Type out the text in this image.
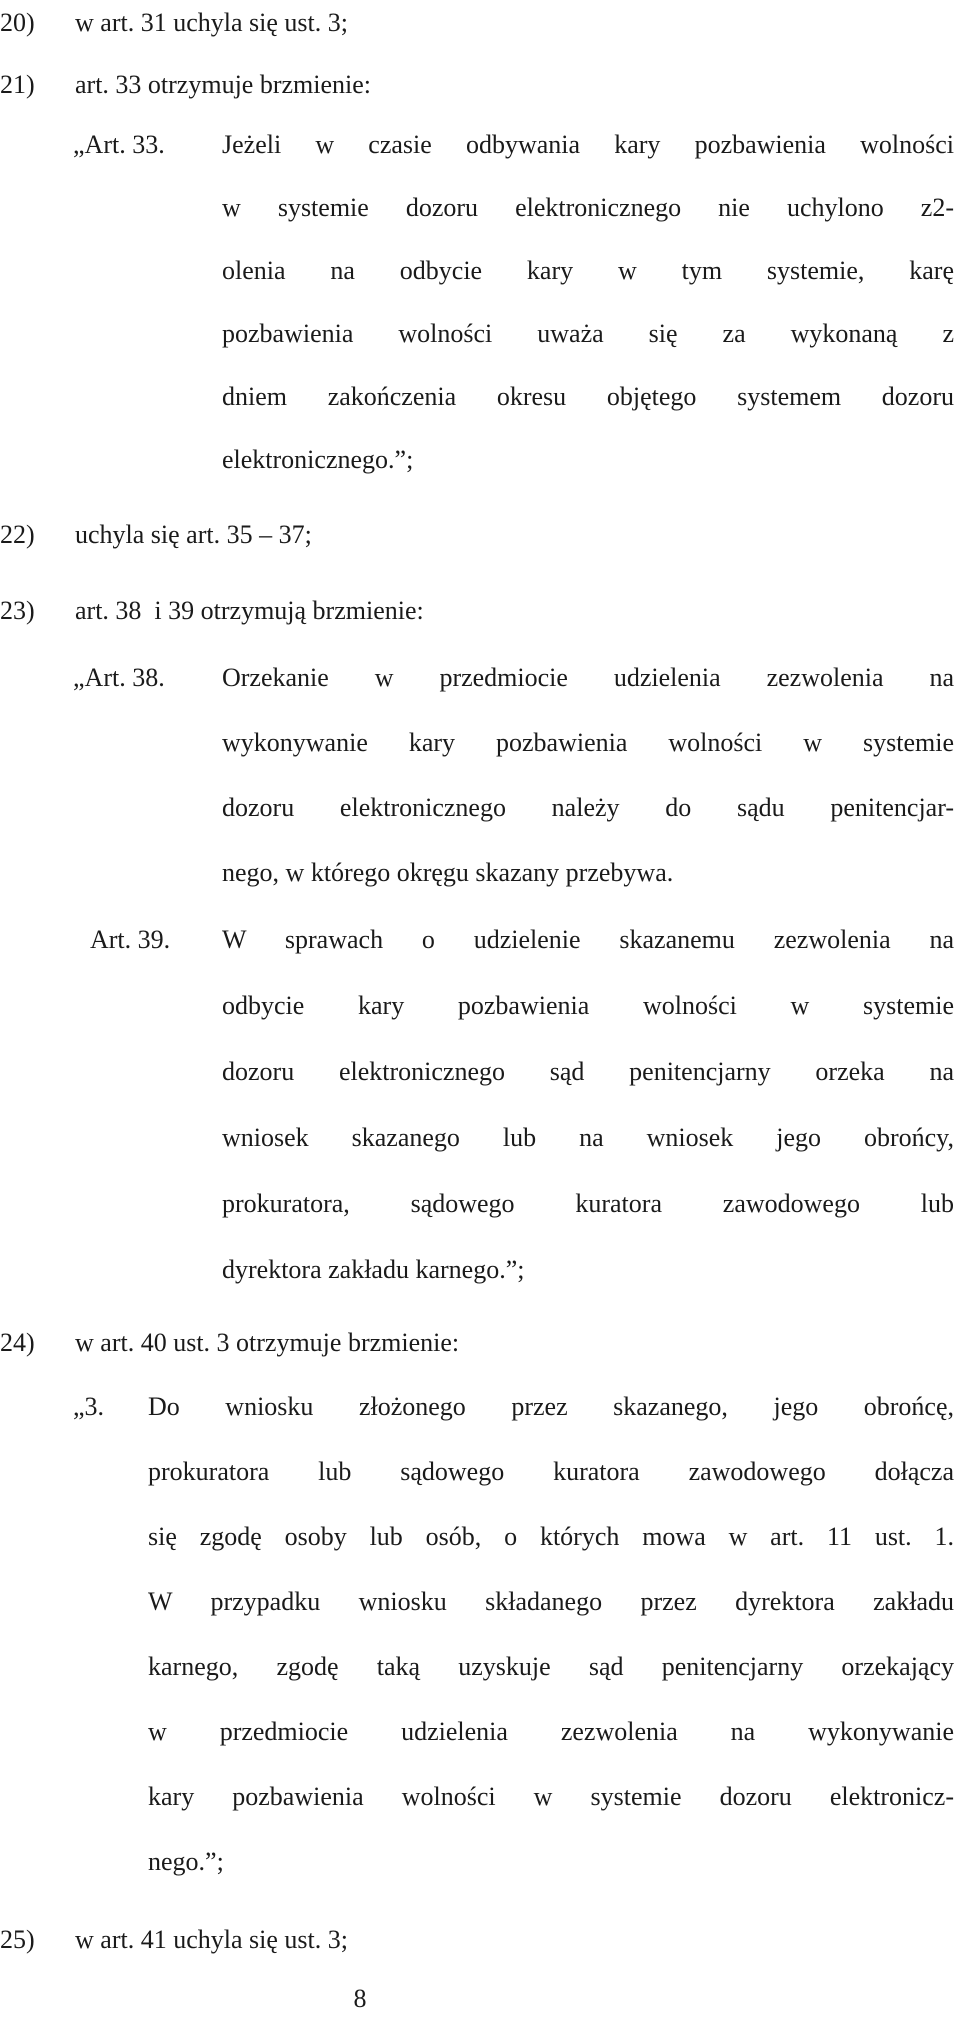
20) w art. 31 uchyla się ust. 3;
21) art. 33 otrzymuje brzmienie:
„Art. 33. Jeżeli w czasie odbywania kary pozbawienia wolności
w systemie dozoru elektronicznego nie uchylono z2-
olenia na odbycie kary w tym systemie, karę
pozbawienia wolności uważa się za wykonaną z
dniem zakończenia okresu objętego systemem dozoru
elektronicznego.”;
22) uchyla się art. 35 – 37;
23) art. 38  i 39 otrzymują brzmienie:
„Art. 38. Orzekanie w przedmiocie udzielenia zezwolenia na
wykonywanie kary pozbawienia wolności w systemie
dozoru elektronicznego należy do sądu penitencjar-
nego, w którego okręgu skazany przebywa.
Art. 39. W sprawach o udzielenie skazanemu zezwolenia na
odbycie kary pozbawienia wolności w systemie
dozoru elektronicznego sąd penitencjarny orzeka na
wniosek skazanego lub na wniosek jego obrońcy,
prokuratora, sądowego kuratora zawodowego lub
dyrektora zakładu karnego.”;
24) w art. 40 ust. 3 otrzymuje brzmienie:
„3. Do wniosku złożonego przez skazanego, jego obrońcę,
prokuratora lub sądowego kuratora zawodowego dołącza
się zgodę osoby lub osób, o których mowa w art. 11 ust. 1.
W przypadku wniosku składanego przez dyrektora zakładu
karnego, zgodę taką uzyskuje sąd penitencjarny orzekający
w przedmiocie udzielenia zezwolenia na wykonywanie
kary pozbawienia wolności w systemie dozoru elektronicz-
nego.”;
25) w art. 41 uchyla się ust. 3;
8
